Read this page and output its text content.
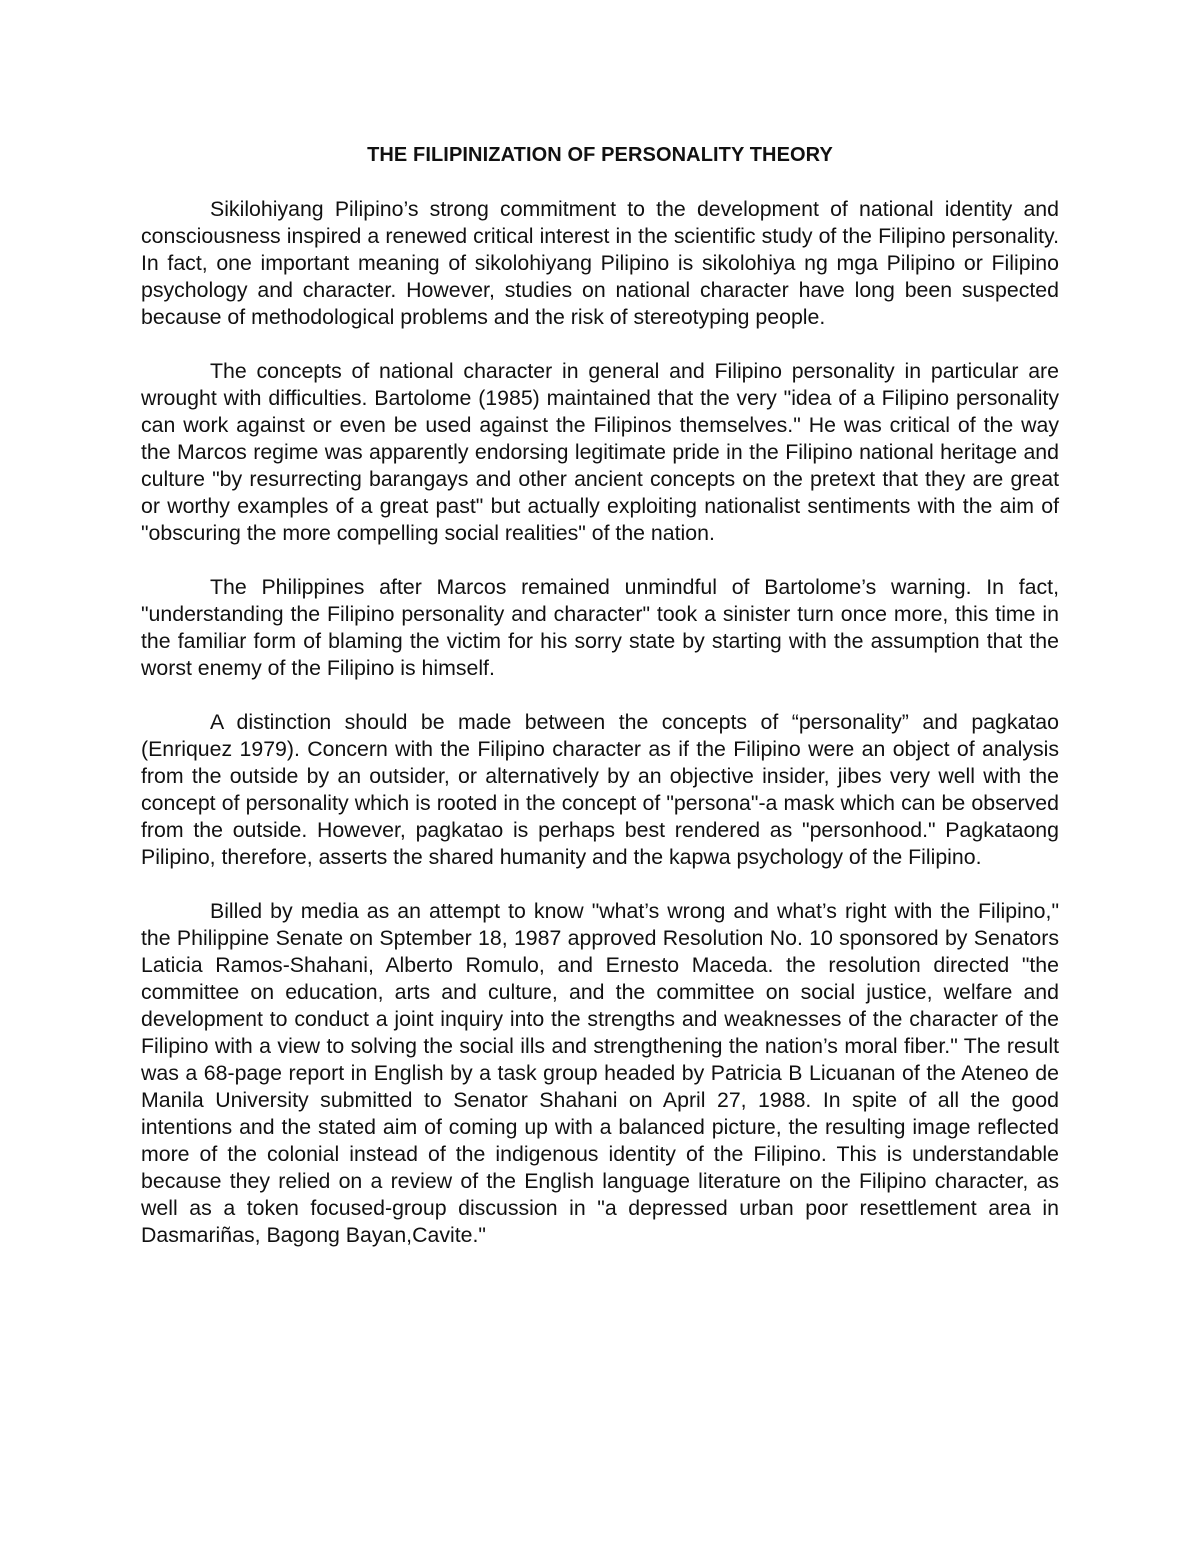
THE FILIPINIZATION OF PERSONALITY THEORY

Sikilohiyang Pilipino’s strong commitment to the development of national identity and consciousness inspired a renewed critical interest in the scientific study of the Filipino personality. In fact, one important meaning of sikolohiyang Pilipino is sikolohiya ng mga Pilipino or Filipino psychology and character. However, studies on national character have long been suspected because of methodological problems and the risk of stereotyping people.

The concepts of national character in general and Filipino personality in particular are wrought with difficulties. Bartolome (1985) maintained that the very "idea of a Filipino personality can work against or even be used against the Filipinos themselves." He was critical of the way the Marcos regime was apparently endorsing legitimate pride in the Filipino national heritage and culture "by resurrecting barangays and other ancient concepts on the pretext that they are great or worthy examples of a great past" but actually exploiting nationalist sentiments with the aim of "obscuring the more compelling social realities" of the nation.

The Philippines after Marcos remained unmindful of Bartolome’s warning. In fact, "understanding the Filipino personality and character" took a sinister turn once more, this time in the familiar form of blaming the victim for his sorry state by starting with the assumption that the worst enemy of the Filipino is himself.

A distinction should be made between the concepts of “personality” and pagkatao (Enriquez 1979). Concern with the Filipino character as if the Filipino were an object of analysis from the outside by an outsider, or alternatively by an objective insider, jibes very well with the concept of personality which is rooted in the concept of "persona"-a mask which can be observed from the outside. However, pagkatao is perhaps best rendered as "personhood." Pagkataong Pilipino, therefore, asserts the shared humanity and the kapwa psychology of the Filipino.

Billed by media as an attempt to know "what’s wrong and what’s right with the Filipino," the Philippine Senate on Sptember 18, 1987 approved Resolution No. 10 sponsored by Senators Laticia Ramos-Shahani, Alberto Romulo, and Ernesto Maceda. the resolution directed "the committee on education, arts and culture, and the committee on social justice, welfare and development to conduct a joint inquiry into the strengths and weaknesses of the character of the Filipino with a view to solving the social ills and strengthening the nation’s moral fiber." The result was a 68-page report in English by a task group headed by Patricia B Licuanan of the Ateneo de Manila University submitted to Senator Shahani on April 27, 1988. In spite of all the good intentions and the stated aim of coming up with a balanced picture, the resulting image reflected more of the colonial instead of the indigenous identity of the Filipino. This is understandable because they relied on a review of the English language literature on the Filipino character, as well as a token focused-group discussion in "a depressed urban poor resettlement area in Dasmariñas, Bagong Bayan,Cavite."
